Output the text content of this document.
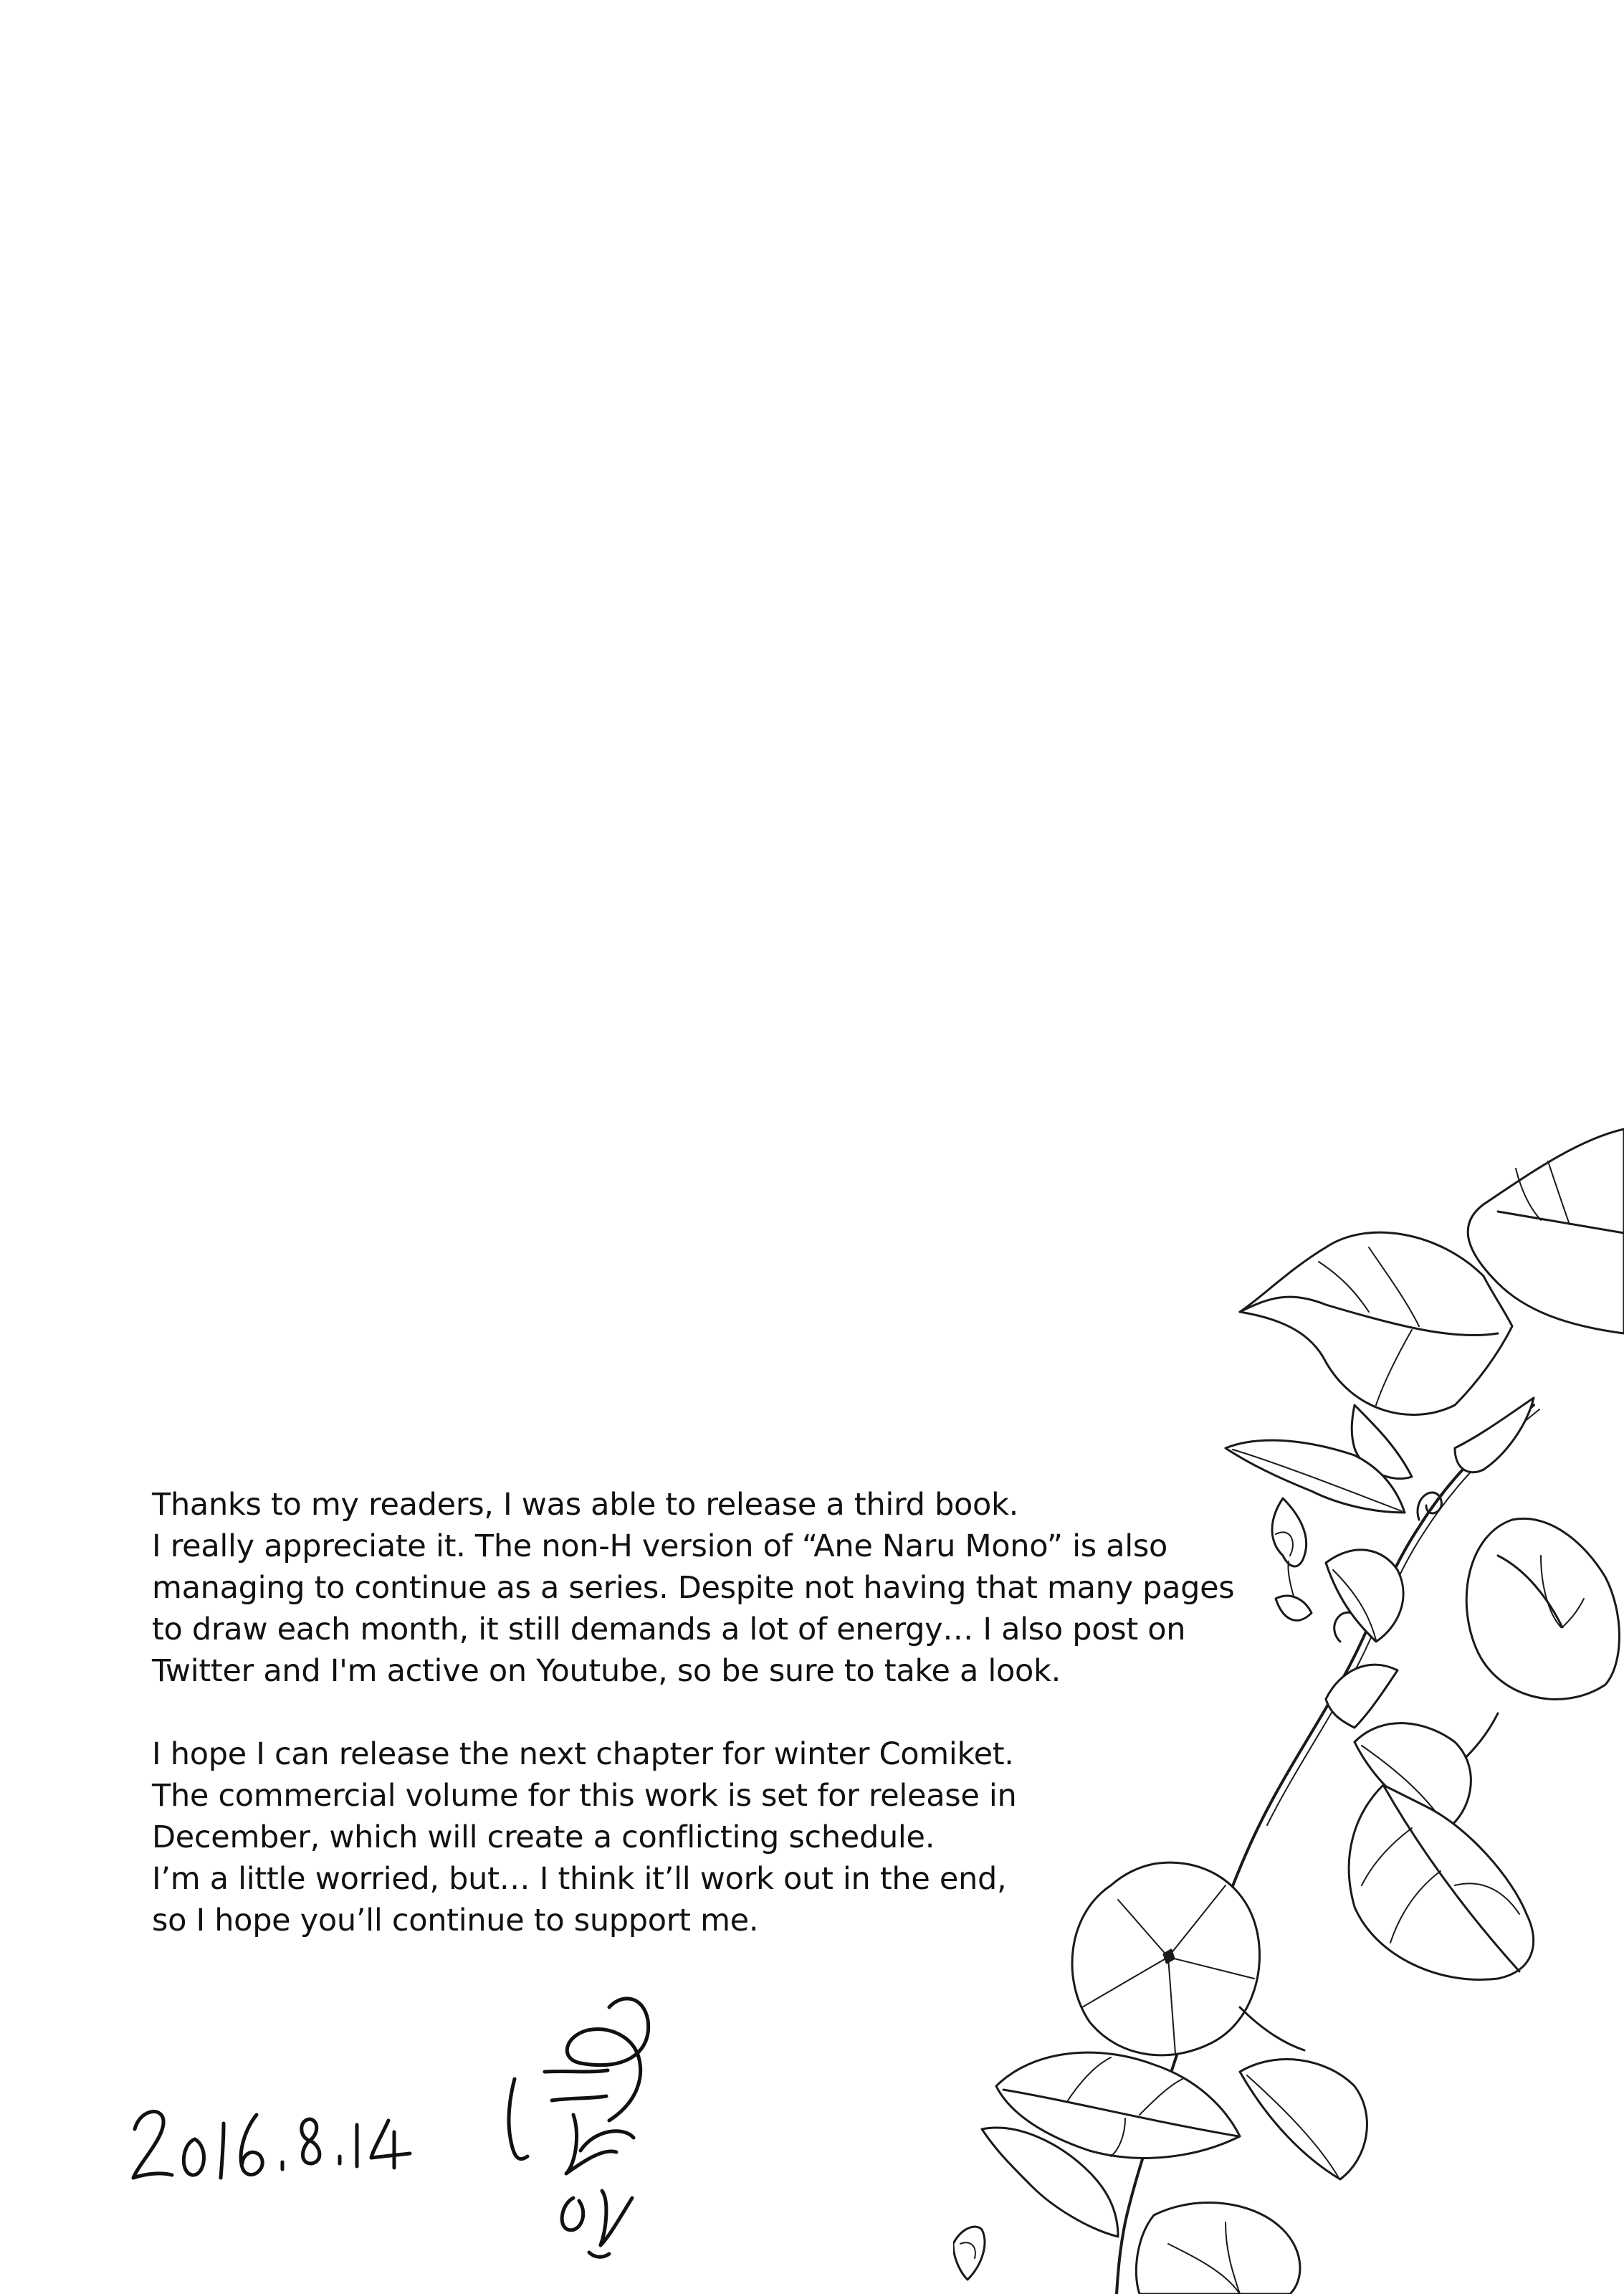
Thanks to my readers, I was able to release a third book.
I really appreciate it. The non-H version of “Ane Naru Mono” is also
managing to continue as a series. Despite not having that many pages
to draw each month, it still demands a lot of energy… I also post on
Twitter and I'm active on Youtube, so be sure to take a look.

I hope I can release the next chapter for winter Comiket.
The commercial volume for this work is set for release in
December, which will create a conflicting schedule.
I’m a little worried, but… I think it’ll work out in the end,
so I hope you’ll continue to support me.
